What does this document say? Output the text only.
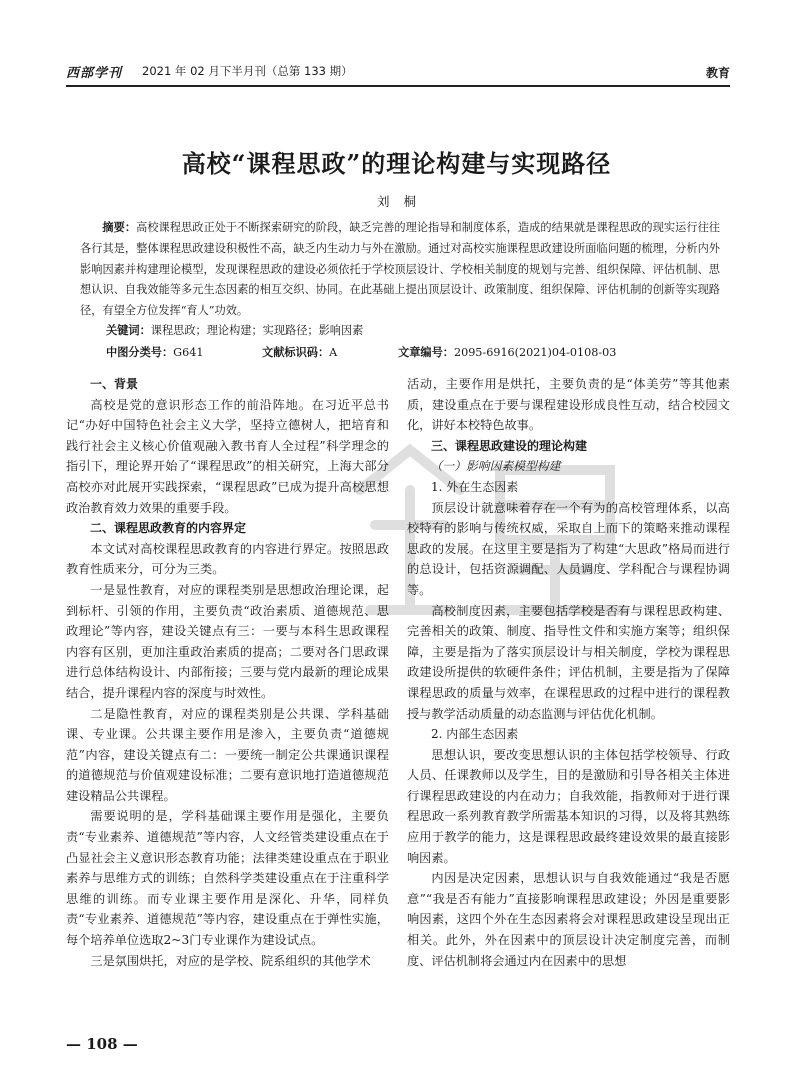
西部学刊 2021 年 02 月下半月刊（总第 133 期）	教育
高校“课程思政”的理论构建与实现路径
刘桐

摘要：高校课程思政正处于不断探索研究的阶段，缺乏完善的理论指导和制度体系，造成的结果就是课程思政的现实运行往往各行其是，整体课程思政建设积极性不高，缺乏内生动力与外在激励。通过对高校实施课程思政建设所面临问题的梳理，分析内外影响因素并构建理论模型，发现课程思政的建设必须依托于学校顶层设计、学校相关制度的规划与完善、组织保障、评估机制、思想认识、自我效能等多元生态因素的相互交织、协同。在此基础上提出顶层设计、政策制度、组织保障、评估机制的创新等实现路径，有望全方位发挥“育人”功效。

关键词：课程思政；理论构建；实现路径；影响因素
中图分类号：G641	文献标识码：A	文章编号：2095-6916(2021)04-0108-03
一、背景

高校是党的意识形态工作的前沿阵地。在习近平总书记“办好中国特色社会主义大学，坚持立德树人，把培育和践行社会主义核心价值观融入教书育人全过程”科学理念的指引下，理论界开始了“课程思政”的相关研究，上海大部分高校亦对此展开实践探索，“课程思政”已成为提升高校思想政治教育效力效果的重要手段。

二、课程思政教育的内容界定

本文试对高校课程思政教育的内容进行界定。按照思政教育性质来分，可分为三类。

一是显性教育，对应的课程类别是思想政治理论课，起到标杆、引领的作用，主要负责“政治素质、道德规范、思政理论”等内容，建设关键点有三：一要与本科生思政课程内容有区别，更加注重政治素质的提高；二要对各门思政课进行总体结构设计、内部衔接；三要与党内最新的理论成果结合，提升课程内容的深度与时效性。

二是隐性教育，对应的课程类别是公共课、学科基础课、专业课。公共课主要作用是渗入，主要负责“道德规范”内容，建设关键点有二：一要统一制定公共课通识课程的道德规范与价值观建设标准；二要有意识地打造道德规范建设精品公共课程。

需要说明的是，学科基础课主要作用是强化，主要负责“专业素养、道德规范”等内容，人文经管类建设重点在于凸显社会主义意识形态教育功能；法律类建设重点在于职业素养与思维方式的训练；自然科学类建设重点在于注重科学思维的训练。而专业课主要作用是深化、升华，同样负责“专业素养、道德规范”等内容，建设重点在于弹性实施，每个培养单位选取2~3门专业课作为建设试点。

三是氛围烘托，对应的是学校、院系组织的其他学术

活动，主要作用是烘托，主要负责的是“体美劳”等其他素质，建设重点在于要与课程建设形成良性互动，结合校园文化，讲好本校特色故事。

三、课程思政建设的理论构建
（一）影响因素模型构建
1. 外在生态因素

顶层设计就意味着存在一个有为的高校管理体系，以高校特有的影响与传统权威，采取自上而下的策略来推动课程思政的发展。在这里主要是指为了构建“大思政”格局而进行的总设计，包括资源调配、人员调度、学科配合与课程协调等。

高校制度因素，主要包括学校是否有与课程思政构建、完善相关的政策、制度、指导性文件和实施方案等；组织保障，主要是指为了落实顶层设计与相关制度，学校为课程思政建设所提供的软硬件条件；评估机制，主要是指为了保障课程思政的质量与效率，在课程思政的过程中进行的课程教授与教学活动质量的动态监测与评估优化机制。

2. 内部生态因素

思想认识，要改变思想认识的主体包括学校领导、行政人员、任课教师以及学生，目的是激励和引导各相关主体进行课程思政建设的内在动力；自我效能，指教师对于进行课程思政一系列教育教学所需基本知识的习得，以及将其熟练应用于教学的能力，这是课程思政最终建设效果的最直接影响因素。

内因是决定因素，思想认识与自我效能通过“我是否愿意”“我是否有能力”直接影响课程思政建设；外因是重要影响因素，这四个外在生态因素将会对课程思政建设呈现出正相关。此外，外在因素中的顶层设计决定制度完善，而制度、评估机制将会通过内在因素中的思想

— 108 —
